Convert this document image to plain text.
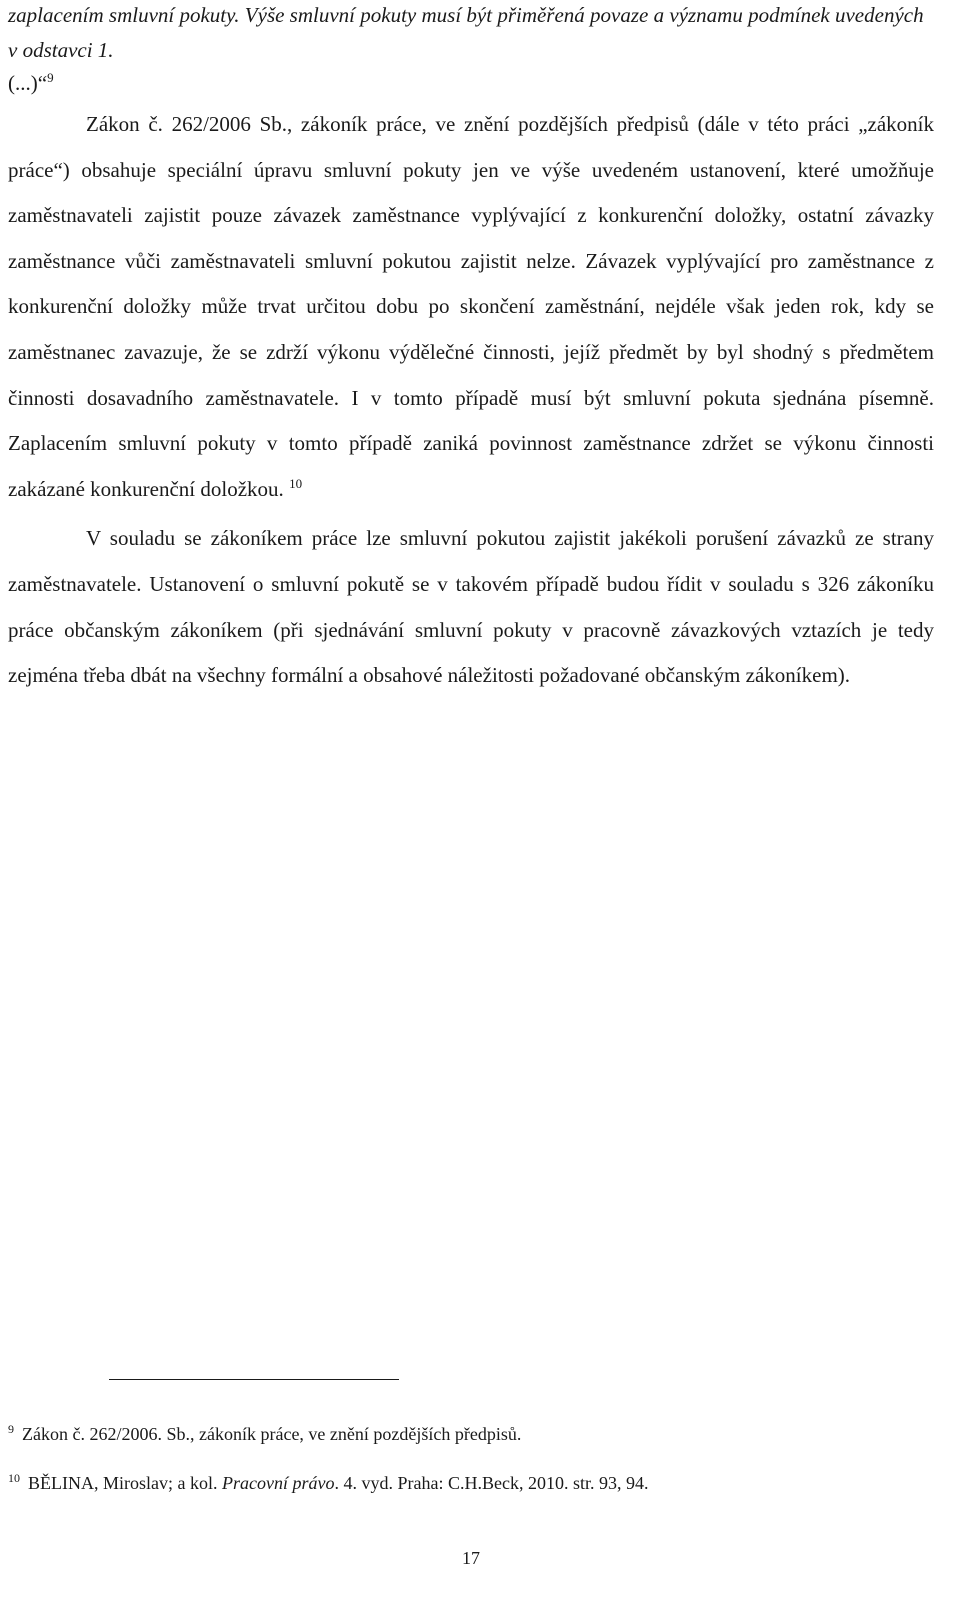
zaplacením smluvní pokuty. Výše smluvní pokuty musí být přiměřená povaze a významu podmínek uvedených v odstavci 1.

(...)“$^9$

Zákon č. 262/2006 Sb., zákoník práce, ve znění pozdějších předpisů (dále v této práci „zákoník práce“) obsahuje speciální úpravu smluvní pokuty jen ve výše uvedeném ustanovení, které umožňuje zaměstnavateli zajistit pouze závazek zaměstnance vyplývající z konkurenční doložky, ostatní závazky zaměstnance vůči zaměstnavateli smluvní pokutou zajistit nelze. Závazek vyplývající pro zaměstnance z konkurenční doložky může trvat určitou dobu po skončení zaměstnání, nejdéle však jeden rok, kdy se zaměstnanec zavazuje, že se zdrží výkonu výdělečné činnosti, jejíž předmět by byl shodný s předmětem činnosti dosavadního zaměstnavatele. I v tomto případě musí být smluvní pokuta sjednána písemně. Zaplacením smluvní pokuty v tomto případě zaniká povinnost zaměstnance zdržet se výkonu činnosti zakázané konkurenční doložkou. $^{10}$

V souladu se zákoníkem práce lze smluvní pokutou zajistit jakékoli porušení závazků ze strany zaměstnavatele. Ustanovení o smluvní pokutě se v takovém případě budou řídit v souladu s 326 zákoníku práce občanským zákoníkem (při sjednávání smluvní pokuty v pracovně závazkových vztazích je tedy zejména třeba dbát na všechny formální a obsahové náležitosti požadované občanským zákoníkem).

$^9$ Zákon č. 262/2006. Sb., zákoník práce, ve znění pozdějších předpisů.

$^{10}$ BĚLINA, Miroslav; a kol. Pracovní právo. 4. vyd. Praha: C.H.Beck, 2010. str. 93, 94.

17
